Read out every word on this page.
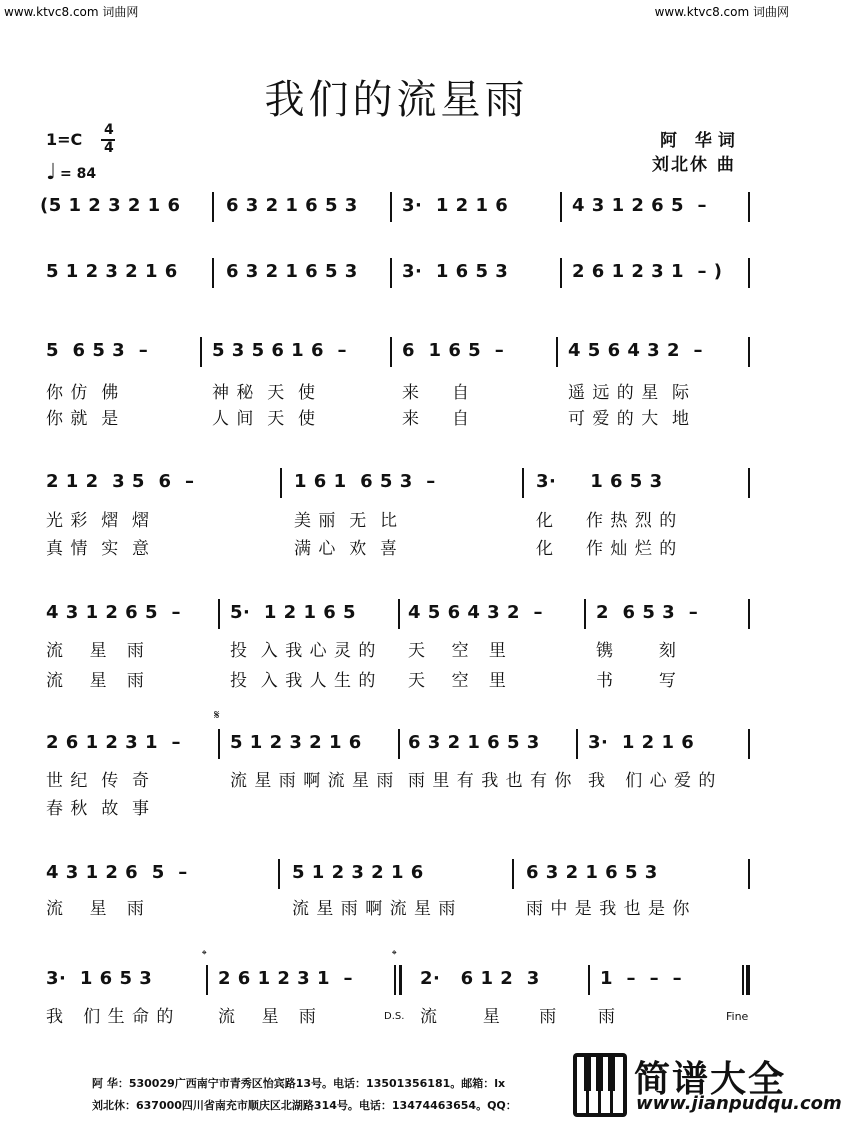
www.ktvc8.com 词曲网	www.ktvc8.com 词曲网
我们的流星雨
1=C 4
4
♩ = 84
阿 华词
刘北休 曲
(5 1 2 3 2 1 6	6 3 2 1 6 5 3 3·  1 2 1 6	4 3 1 2 6 5  –
5 1 2 3 2 1 6	6 3 2 1 6 5 3 3·  1 6 5 3	2 6 1 2 3 1  – )
5  6 5 3  –	5 3 5 6 1 6  –	6  1 6 5  –	4 5 6 4 3 2  –
你 仿  佛	神 秘  天  使	来     自	遥 远 的 星  际
你 就  是	人 间  天  使	来     自	可 爱 的 大  地
2 1 2  3 5  6  –	1 6 1  6 5 3  –	3·     1 6 5 3
光 彩  熠  熠	美 丽  无  比	化     作 热 烈 的
真 情  实  意	满 心  欢  喜	化     作 灿 烂 的
4 3 1 2 6 5  –	5·  1 2 1 6 5	4 5 6 4 3 2  –	2  6 5 3  –
流    星   雨	投  入 我 心 灵 的 天    空   里	镌       刻
流    星   雨	投  入 我 人 生 的 天    空   里	书       写
𝄋
2 6 1 2 3 1  –	5 1 2 3 2 1 6	6 3 2 1 6 5 3	3·  1 2 1 6
世 纪  传  奇	流 星 雨 啊 流 星 雨 雨 里 有 我 也 有 你 我   们 心 爱 的
春 秋  故  事
4 3 1 2 6  5  –	5 1 2 3 2 1 6	6 3 2 1 6 5 3
流    星   雨	流 星 雨 啊 流 星 雨	雨 中 是 我 也 是 你
𝄌	𝄌
3·  1 6 5 3	2 6 1 2 3 1  –	2·   6 1 2  3	1  –  –  –
我   们 生 命 的	流    星   雨	D.S. 流       星      雨 雨	Fine
阿 华：530029广西南宁市青秀区怡宾路13号。电话：13501356181。邮箱：lx
刘北休：637000四川省南充市顺庆区北湖路314号。电话：13474463654。QQ：
简谱大全
www.jianpudqu.com
